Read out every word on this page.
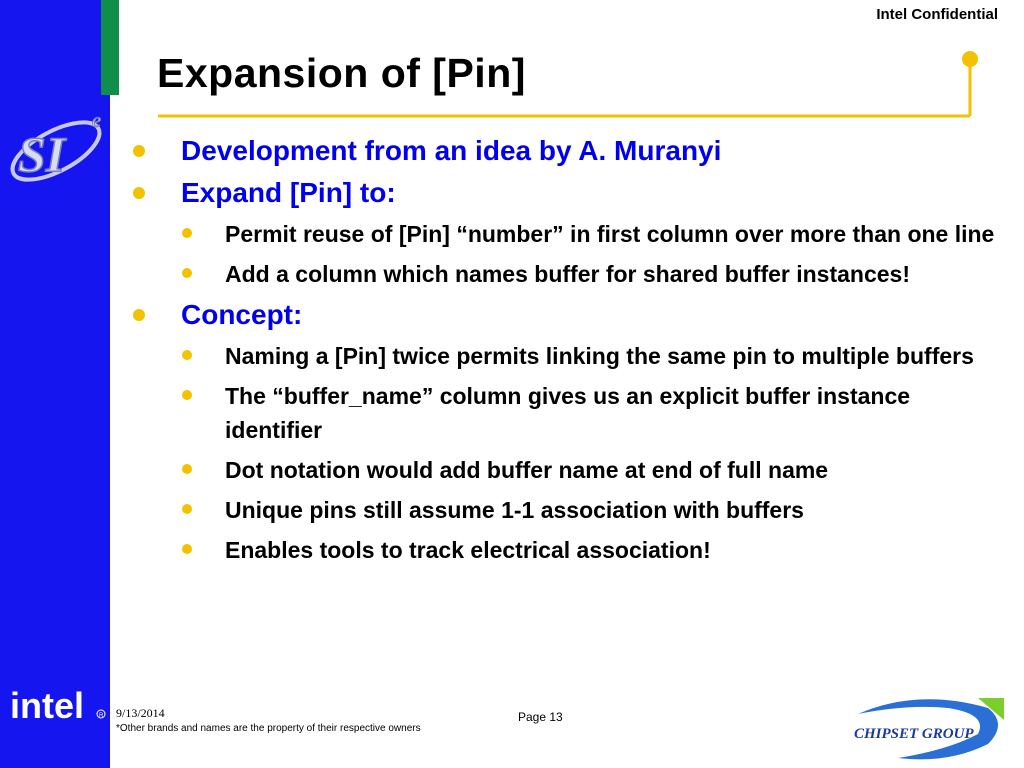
SI
e
intel R
Intel Confidential
Expansion of [Pin]
Development from an idea by A. Muranyi
Expand [Pin] to:
Permit reuse of [Pin] “number” in first column over more than one line
Add a column which names buffer for shared buffer instances!
Concept:
Naming a [Pin] twice permits linking the same pin to multiple buffers
The “buffer_name” column gives us an explicit buffer instance identifier
Dot notation would add buffer name at end of full name
Unique pins still assume 1-1 association with buffers
Enables tools to track electrical association!
9/13/2014
*Other brands and names are the property of their respective owners
Page 13
CHIPSET GROUP
